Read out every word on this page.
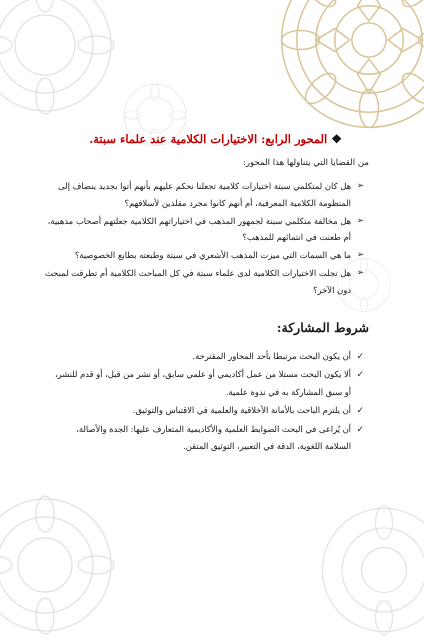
❖
المحور الرابع: الاختيارات الكلامية عند علماء سبتة.
من القضايا التي يتناولها هذا المحور:
➢
هل كان لمتكلمي سبتة اختيارات كلامية تجعلنا نحكم عليهم بأنهم أتوا بجديد ينضاف إلى المنظومة الكلامية المعرفية، أم أنهم كانوا مجرد مقلدين لأسلافهم؟
➢
هل مخالفة متكلمي سبتة لجمهور المذهب في اختياراتهم الكلامية جعلتهم أصحاب مذهبية، أم طعنت في انتمائهم للمذهب؟
➢
ما هي السمات التي ميزت المذهب الأشعري في سبتة وطبعته بطابع الخصوصية؟
➢
هل تجلت الاختيارات الكلامية لدى علماء سبتة في كل المباحث الكلامية أم تطرقت لمبحث دون الآخر؟
شروط المشاركة:
✓
أن يكون البحث مرتبطا بأحد المحاور المقترحة.
✓
ألا يكون البحث مستلا من عمل أكاديمي أو علمي سابق، أو نشر من قبل، أو قدم للنشر، أو سبق المشاركة به في ندوة علمية.
✓
أن يلتزم الباحث بالأمانة الأخلاقية والعلمية في الاقتباس والتوثيق.
✓
أن يُراعى في البحث الضوابط العلمية والأكاديمية المتعارف عليها: الجدة والأصالة، السلامة اللغوية، الدقة في التعبير، التوثيق المتقن.
